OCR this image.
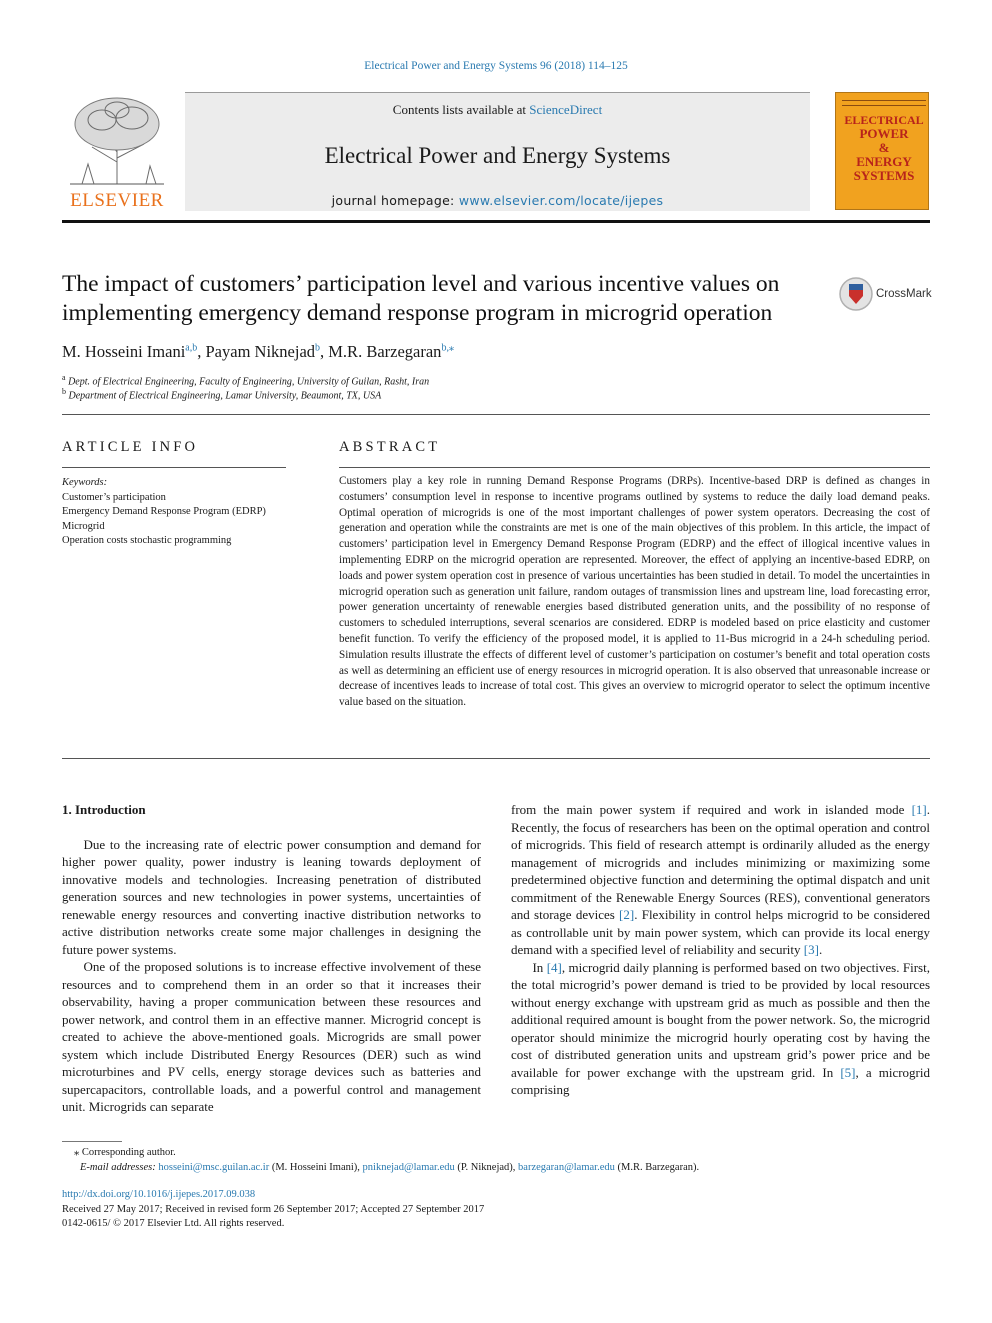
Electrical Power and Energy Systems 96 (2018) 114–125
ELSEVIER
Contents lists available at ScienceDirect
Electrical Power and Energy Systems
journal homepage: www.elsevier.com/locate/ijepes
ELECTRICAL
POWER
&
ENERGY
SYSTEMS
The impact of customers’ participation level and various incentive values on
implementing emergency demand response program in microgrid operation
CrossMark
M. Hosseini Imani$^{a,b}$, Payam Niknejad$^b$, M.R. Barzegaran$^{b,⁎}$
$^a$ Dept. of Electrical Engineering, Faculty of Engineering, University of Guilan, Rasht, Iran
$^b$ Department of Electrical Engineering, Lamar University, Beaumont, TX, USA
ARTICLE INFO
Keywords:
Customer’s participation
Emergency Demand Response Program (EDRP)
Microgrid
Operation costs stochastic programming
ABSTRACT
Customers play a key role in running Demand Response Programs (DRPs). Incentive-based DRP is defined as changes in costumers’ consumption level in response to incentive programs outlined by systems to reduce the daily load demand peaks. Optimal operation of microgrids is one of the most important challenges of power system operators. Decreasing the cost of generation and operation while the constraints are met is one of the main objectives of this problem. In this article, the impact of customers’ participation level in Emergency Demand Response Program (EDRP) and the effect of illogical incentive values in implementing EDRP on the microgrid operation are represented. Moreover, the effect of applying an incentive-based EDRP, on loads and power system operation cost in presence of various uncertainties has been studied in detail. To model the uncertainties in microgrid operation such as generation unit failure, random outages of transmission lines and upstream line, load forecasting error, power generation uncertainty of renewable energies based distributed generation units, and the possibility of no response of customers to scheduled interruptions, several scenarios are considered. EDRP is modeled based on price elasticity and customer benefit function. To verify the efficiency of the proposed model, it is applied to 11-Bus microgrid in a 24-h scheduling period. Simulation results illustrate the effects of different level of customer’s participation on costumer’s benefit and total operation costs as well as determining an efficient use of energy resources in microgrid operation. It is also observed that unreasonable increase or decrease of incentives leads to increase of total cost. This gives an overview to microgrid operator to select the optimum incentive value based on the situation.
1. Introduction

Due to the increasing rate of electric power consumption and demand for higher power quality, power industry is leaning towards deployment of innovative models and technologies. Increasing penetration of distributed generation sources and new technologies in power systems, uncertainties of renewable energy resources and converting inactive distribution networks to active distribution networks create some major challenges in designing the future power systems.

One of the proposed solutions is to increase effective involvement of these resources and to comprehend them in an order so that it increases their observability, having a proper communication between these resources and power network, and control them in an effective manner. Microgrid concept is created to achieve the above-mentioned goals. Microgrids are small power system which include Distributed Energy Resources (DER) such as wind microturbines and PV cells, energy storage devices such as batteries and supercapacitors, controllable loads, and a powerful control and management unit. Microgrids can separate

from the main power system if required and work in islanded mode [1]. Recently, the focus of researchers has been on the optimal operation and control of microgrids. This field of research attempt is ordinarily alluded as the energy management of microgrids and includes minimizing or maximizing some predetermined objective function and determining the optimal dispatch and unit commitment of the Renewable Energy Sources (RES), conventional generators and storage devices [2]. Flexibility in control helps microgrid to be considered as controllable unit by main power system, which can provide its local energy demand with a specified level of reliability and security [3].

In [4], microgrid daily planning is performed based on two objectives. First, the total microgrid’s power demand is tried to be provided by local resources without energy exchange with upstream grid as much as possible and then the additional required amount is bought from the power network. So, the microgrid operator should minimize the microgrid hourly operating cost by having the cost of distributed generation units and upstream grid’s power price and be available for power exchange with the upstream grid. In [5], a microgrid comprising

⁎ Corresponding author.
E-mail addresses: hosseini@msc.guilan.ac.ir (M. Hosseini Imani), pniknejad@lamar.edu (P. Niknejad), barzegaran@lamar.edu (M.R. Barzegaran).
http://dx.doi.org/10.1016/j.ijepes.2017.09.038
Received 27 May 2017; Received in revised form 26 September 2017; Accepted 27 September 2017
0142-0615/ © 2017 Elsevier Ltd. All rights reserved.
